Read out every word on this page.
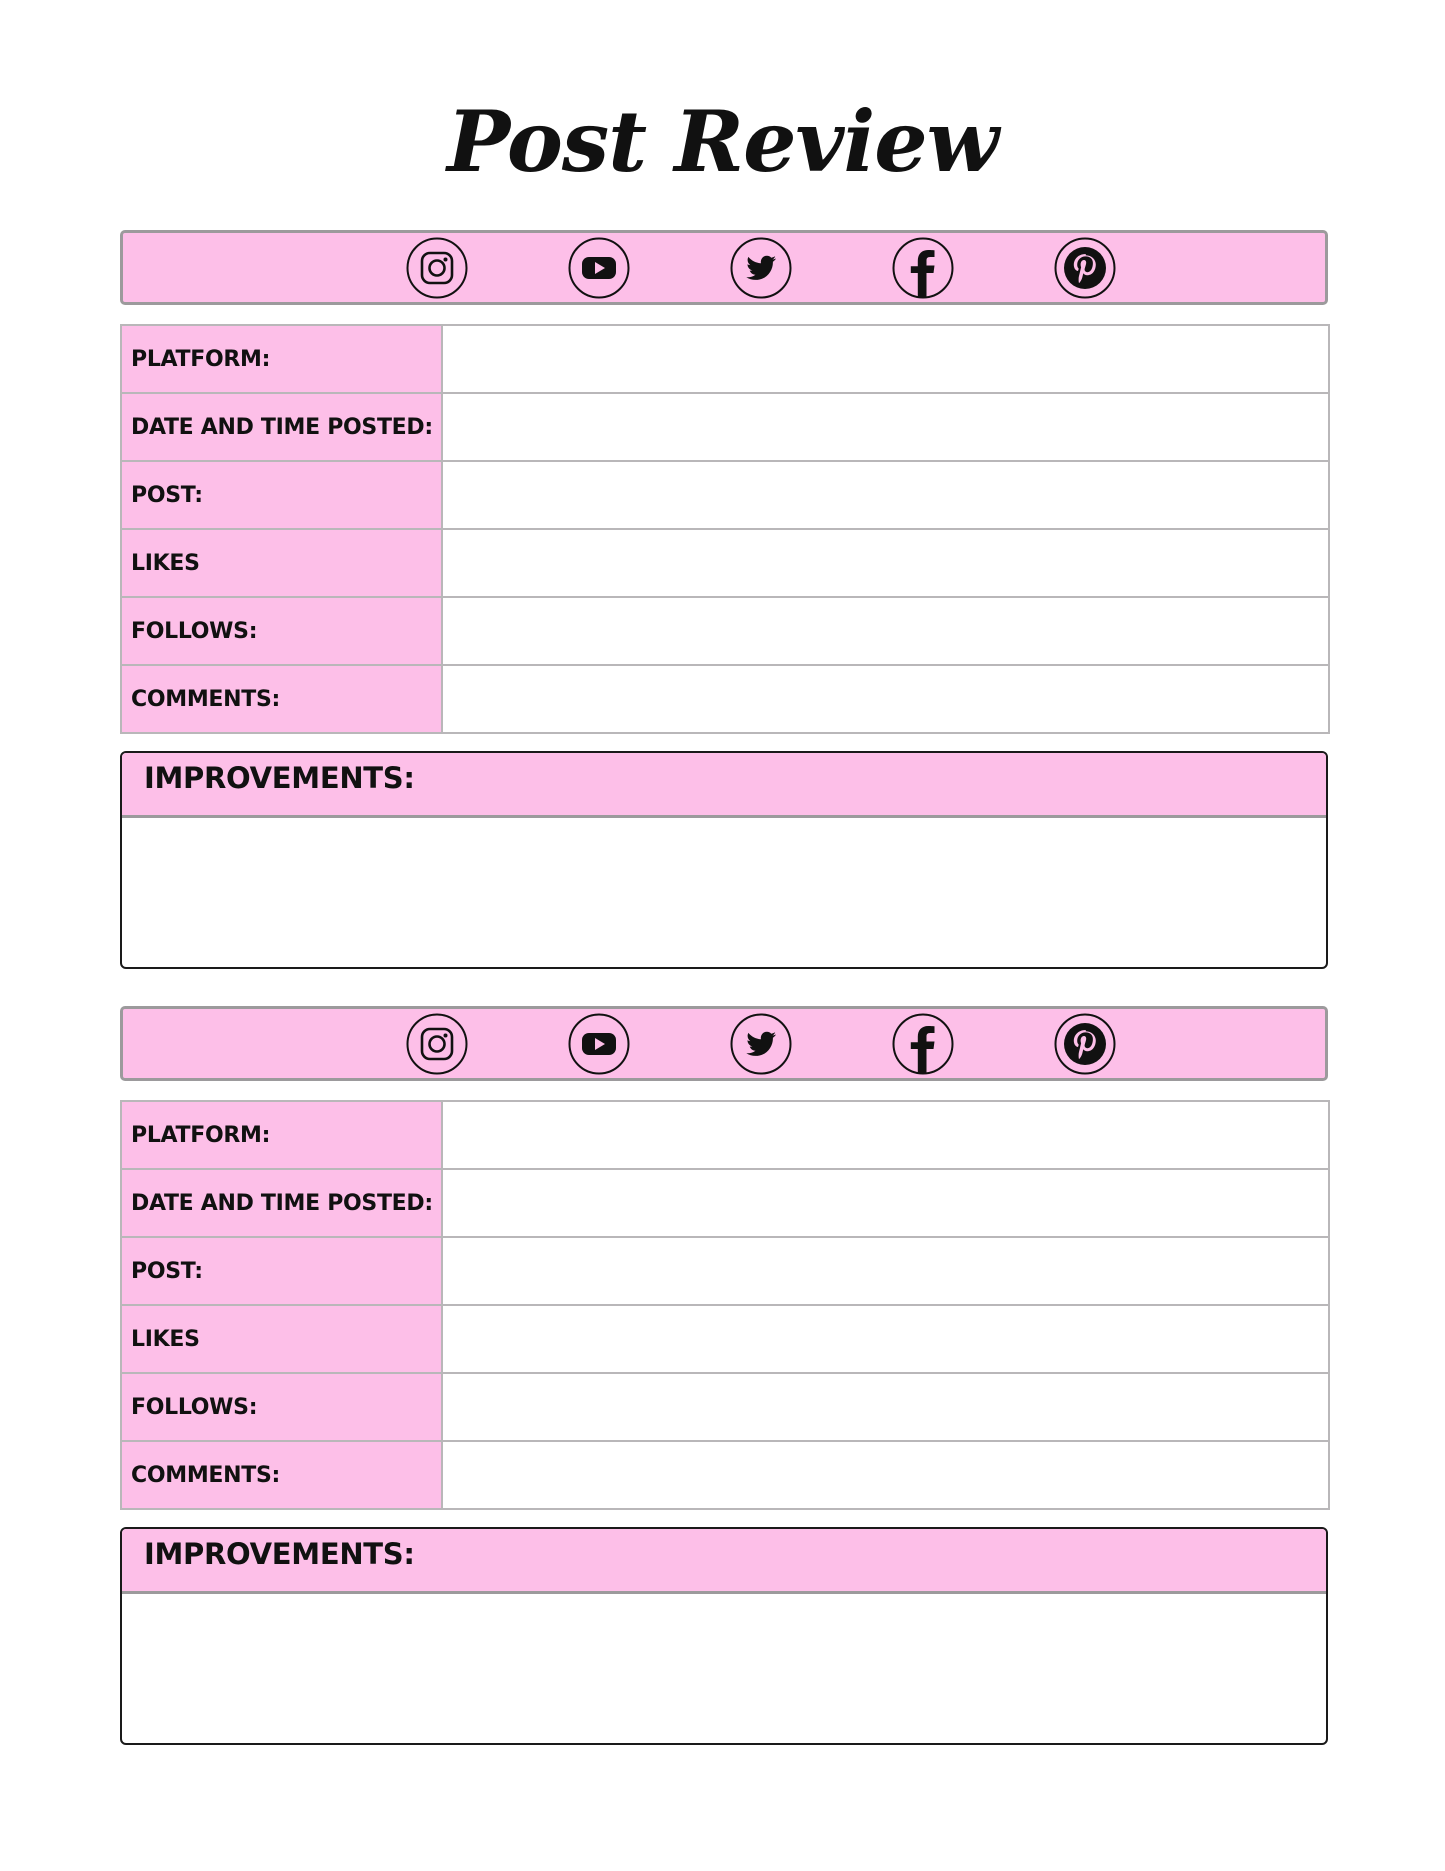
Post Review
PLATFORM:	
DATE AND TIME POSTED:	
POST:	
LIKES	
FOLLOWS:	
COMMENTS:	
IMPROVEMENTS:
PLATFORM:	
DATE AND TIME POSTED:	
POST:	
LIKES	
FOLLOWS:	
COMMENTS:	
IMPROVEMENTS:
